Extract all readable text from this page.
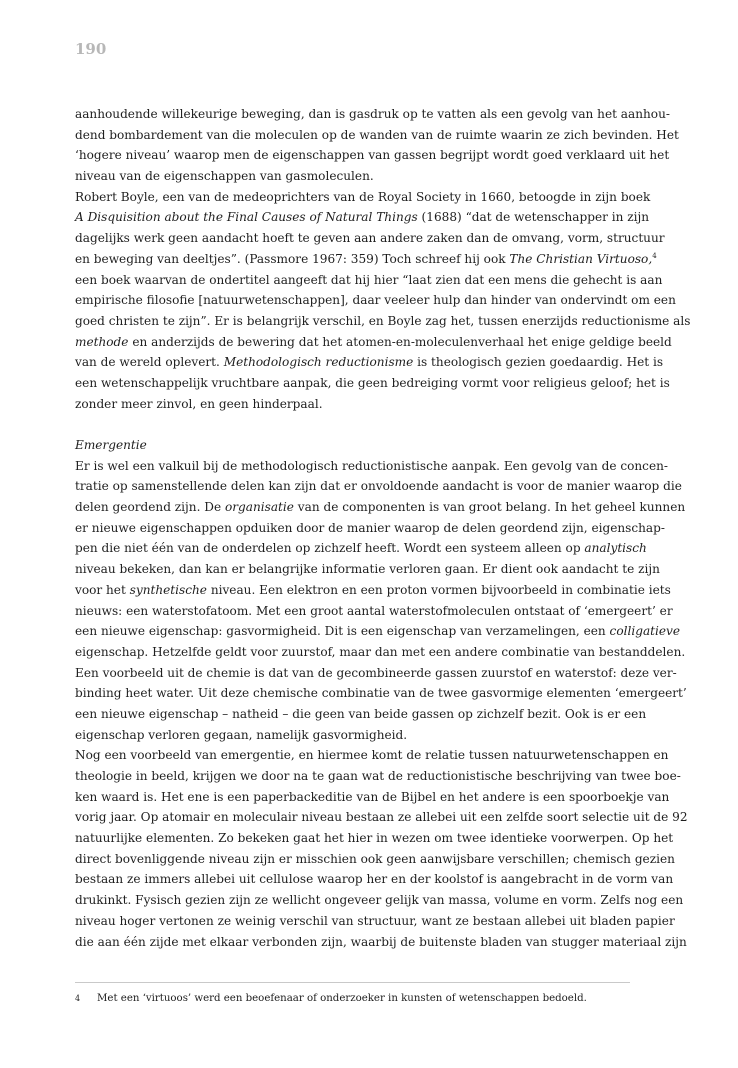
190
aanhoudende willekeurige beweging, dan is gasdruk op te vatten als een gevolg van het aanhou-
dend bombardement van die moleculen op de wanden van de ruimte waarin ze zich bevinden. Het
‘hogere niveau’ waarop men de eigenschappen van gassen begrijpt wordt goed verklaard uit het
niveau van de eigenschappen van gasmoleculen.
Robert Boyle, een van de medeoprichters van de Royal Society in 1660, betoogde in zijn boek
A Disquisition about the Final Causes of Natural Things (1688) “dat de wetenschapper in zijn
dagelijks werk geen aandacht hoeft te geven aan andere zaken dan de omvang, vorm, structuur
en beweging van deeltjes”. (Passmore 1967: 359) Toch schreef hij ook The Christian Virtuoso,$^4$
een boek waarvan de ondertitel aangeeft dat hij hier “laat zien dat een mens die gehecht is aan
empirische filosofie [natuurwetenschappen], daar veeleer hulp dan hinder van ondervindt om een
goed christen te zijn”. Er is belangrijk verschil, en Boyle zag het, tussen enerzijds reductionisme als
methode en anderzijds de bewering dat het atomen-en-moleculenverhaal het enige geldige beeld
van de wereld oplevert. Methodologisch reductionisme is theologisch gezien goedaardig. Het is
een wetenschappelijk vruchtbare aanpak, die geen bedreiging vormt voor religieus geloof; het is
zonder meer zinvol, en geen hinderpaal.
Emergentie
Er is wel een valkuil bij de methodologisch reductionistische aanpak. Een gevolg van de concen-
tratie op samenstellende delen kan zijn dat er onvoldoende aandacht is voor de manier waarop die
delen geordend zijn. De organisatie van de componenten is van groot belang. In het geheel kunnen
er nieuwe eigenschappen opduiken door de manier waarop de delen geordend zijn, eigenschap-
pen die niet één van de onderdelen op zichzelf heeft. Wordt een systeem alleen op analytisch
niveau bekeken, dan kan er belangrijke informatie verloren gaan. Er dient ook aandacht te zijn
voor het synthetische niveau. Een elektron en een proton vormen bijvoorbeeld in combinatie iets
nieuws: een waterstofatoom. Met een groot aantal waterstofmoleculen ontstaat of ‘emergeert’ er
een nieuwe eigenschap: gasvormigheid. Dit is een eigenschap van verzamelingen, een colligatieve
eigenschap. Hetzelfde geldt voor zuurstof, maar dan met een andere combinatie van bestanddelen.
Een voorbeeld uit de chemie is dat van de gecombineerde gassen zuurstof en waterstof: deze ver-
binding heet water. Uit deze chemische combinatie van de twee gasvormige elementen ‘emergeert’
een nieuwe eigenschap – natheid – die geen van beide gassen op zichzelf bezit. Ook is er een
eigenschap verloren gegaan, namelijk gasvormigheid.
Nog een voorbeeld van emergentie, en hiermee komt de relatie tussen natuurwetenschappen en
theologie in beeld, krijgen we door na te gaan wat de reductionistische beschrijving van twee boe-
ken waard is. Het ene is een paperbackeditie van de Bijbel en het andere is een spoorboekje van
vorig jaar. Op atomair en moleculair niveau bestaan ze allebei uit een zelfde soort selectie uit de 92
natuurlijke elementen. Zo bekeken gaat het hier in wezen om twee identieke voorwerpen. Op het
direct bovenliggende niveau zijn er misschien ook geen aanwijsbare verschillen; chemisch gezien
bestaan ze immers allebei uit cellulose waarop her en der koolstof is aangebracht in de vorm van
drukinkt. Fysisch gezien zijn ze wellicht ongeveer gelijk van massa, volume en vorm. Zelfs nog een
niveau hoger vertonen ze weinig verschil van structuur, want ze bestaan allebei uit bladen papier
die aan één zijde met elkaar verbonden zijn, waarbij de buitenste bladen van stugger materiaal zijn
4 Met een ‘virtuoos’ werd een beoefenaar of onderzoeker in kunsten of wetenschappen bedoeld.
